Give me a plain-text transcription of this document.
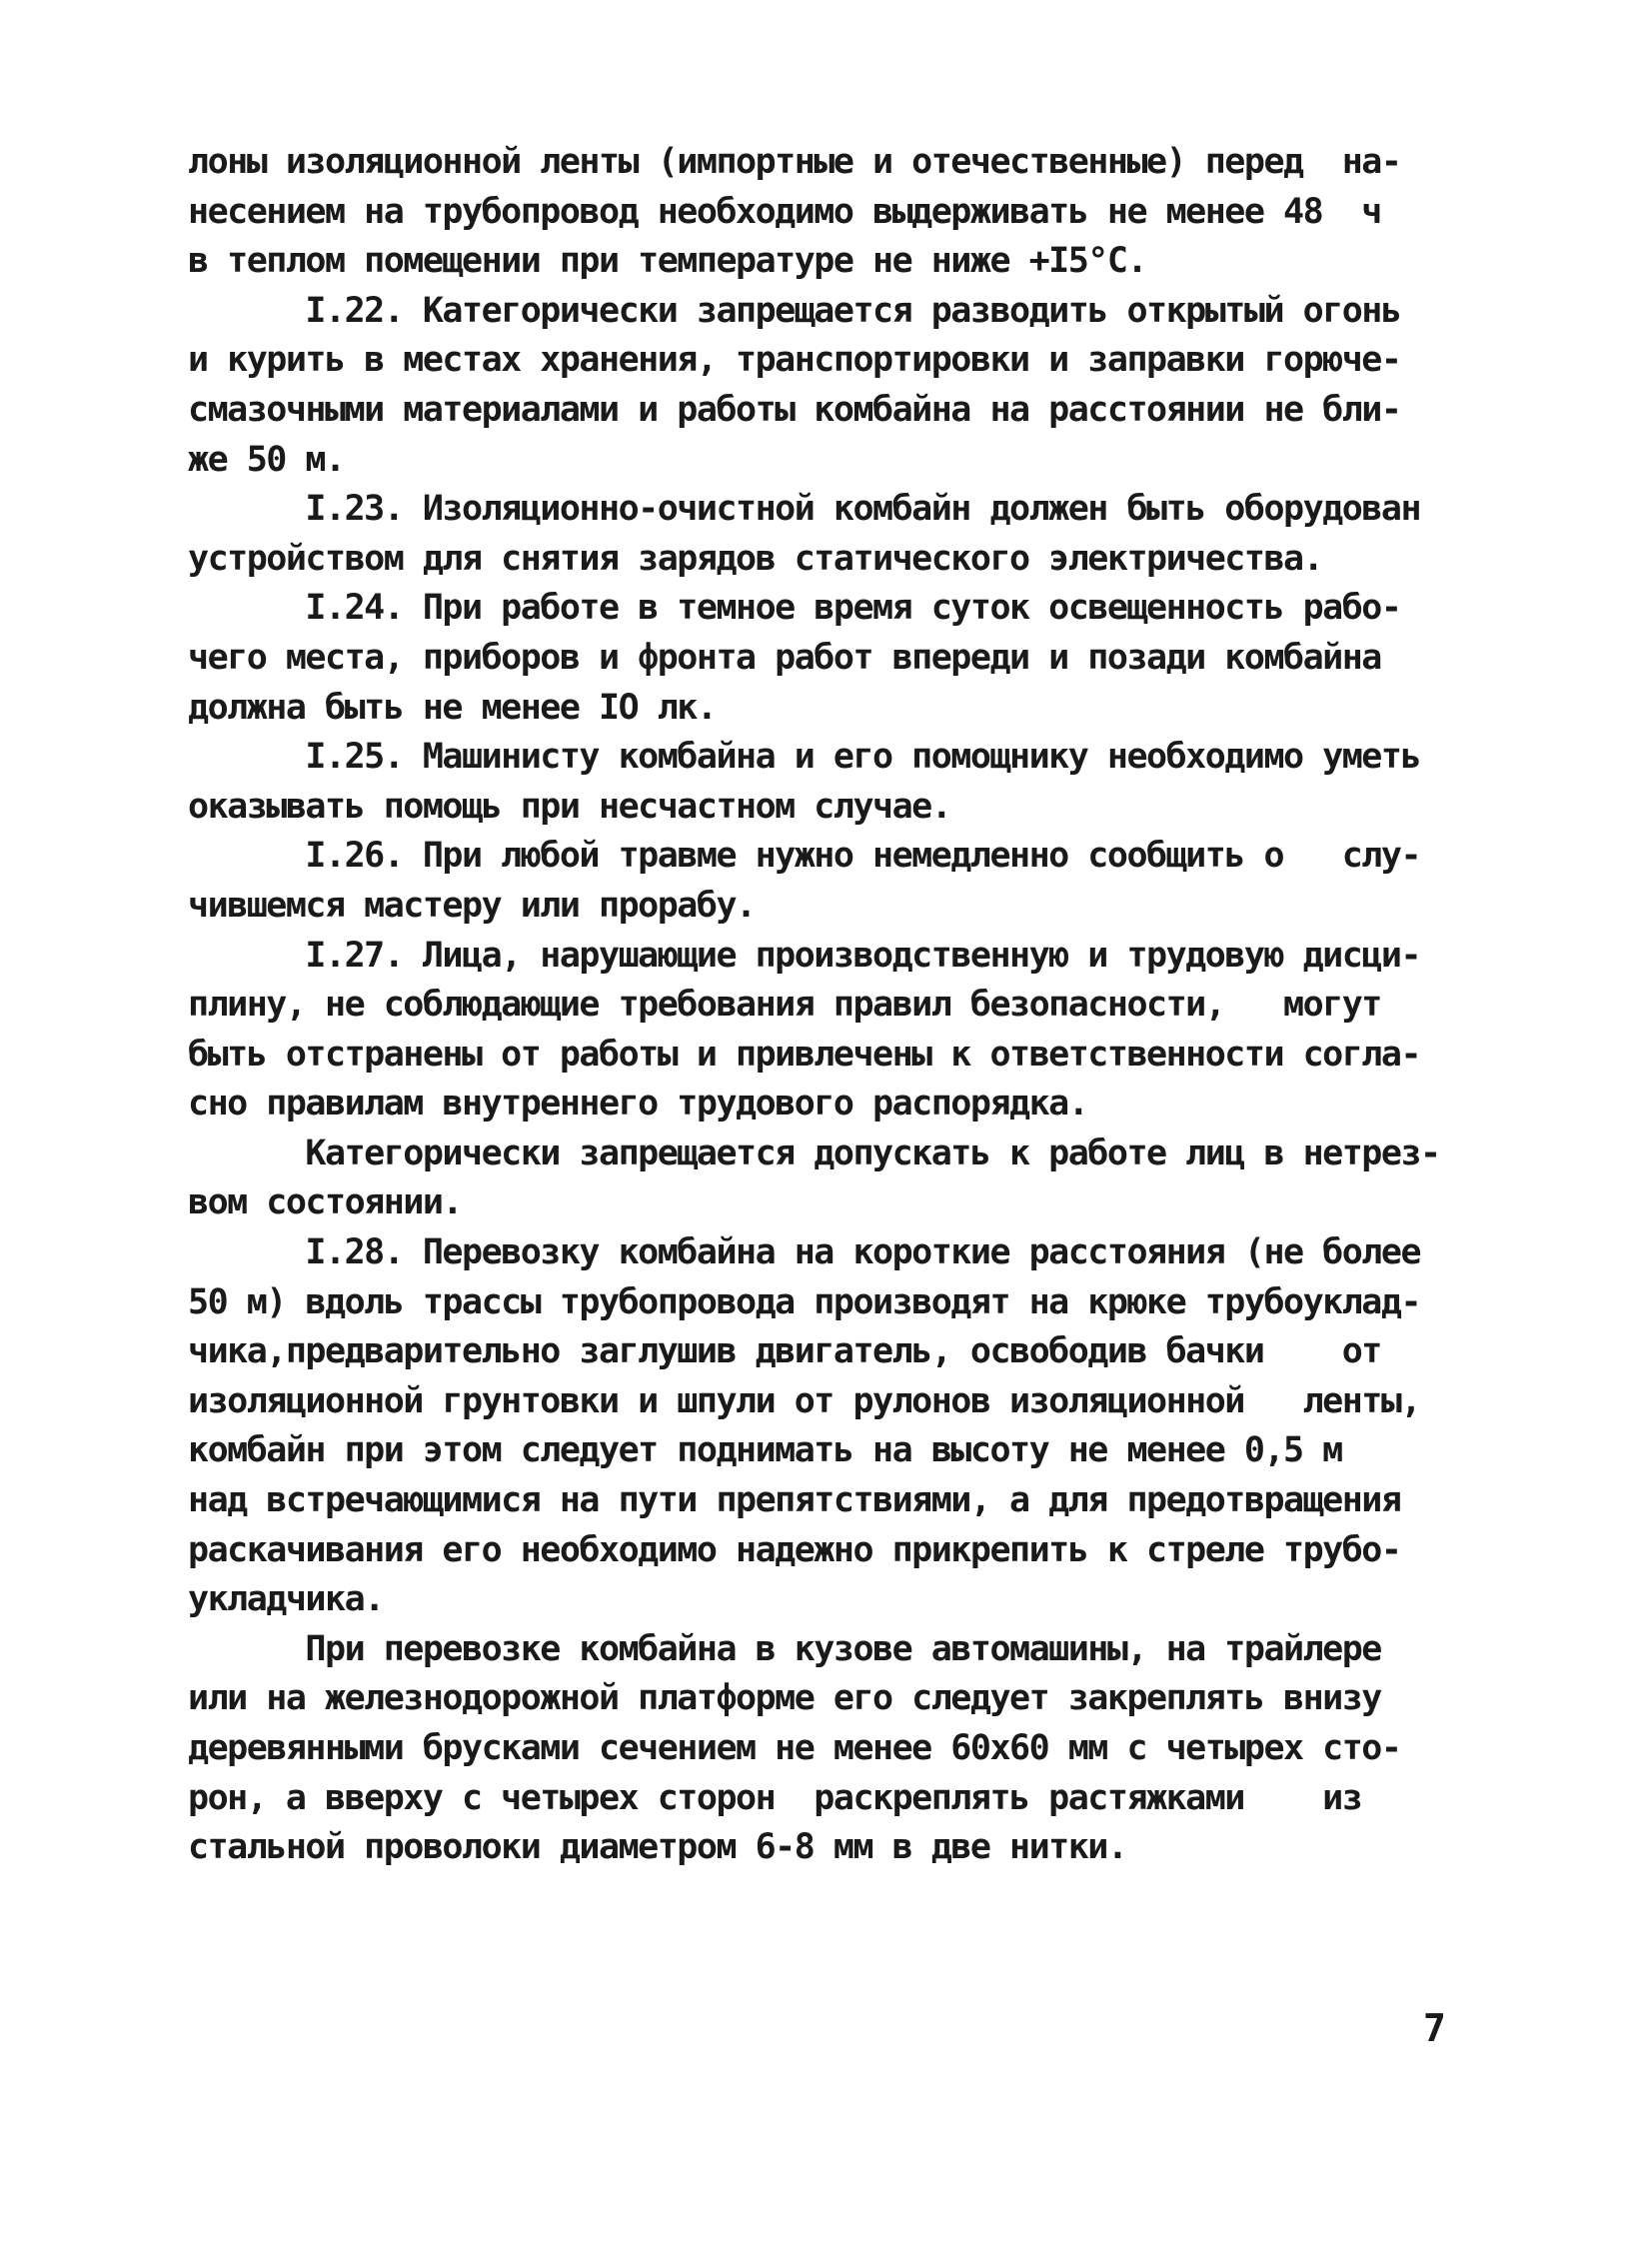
лоны изоляционной ленты (импортные и отечественные) перед  на-
несением на трубопровод необходимо выдерживать не менее 48  ч
в теплом помещении при температуре не ниже +I5°C.
I.22. Категорически запрещается разводить открытый огонь
и курить в местах хранения, транспортировки и заправки горюче-
смазочными материалами и работы комбайна на расстоянии не бли-
же 50 м.
I.23. Изоляционно-очистной комбайн должен быть оборудован
устройством для снятия зарядов статического электричества.
I.24. При работе в темное время суток освещенность рабо-
чего места, приборов и фронта работ впереди и позади комбайна
должна быть не менее IO лк.
I.25. Машинисту комбайна и его помощнику необходимо уметь
оказывать помощь при несчастном случае.
I.26. При любой травме нужно немедленно сообщить о   слу-
чившемся мастеру или прорабу.
I.27. Лица, нарушающие производственную и трудовую дисци-
плину, не соблюдающие требования правил безопасности,   могут
быть отстранены от работы и привлечены к ответственности согла-
сно правилам внутреннего трудового распорядка.
Категорически запрещается допускать к работе лиц в нетрез-
вом состоянии.
I.28. Перевозку комбайна на короткие расстояния (не более
50 м) вдоль трассы трубопровода производят на крюке трубоуклад-
чика,предварительно заглушив двигатель, освободив бачки    от
изоляционной грунтовки и шпули от рулонов изоляционной   ленты,
комбайн при этом следует поднимать на высоту не менее 0,5 м
над встречающимися на пути препятствиями, а для предотвращения
раскачивания его необходимо надежно прикрепить к стреле трубо-
укладчика.
При перевозке комбайна в кузове автомашины, на трайлере
или на железнодорожной платформе его следует закреплять внизу
деревянными брусками сечением не менее 60х60 мм с четырех сто-
рон, а вверху с четырех сторон  раскреплять растяжками    из
стальной проволоки диаметром 6-8 мм в две нитки.
7
